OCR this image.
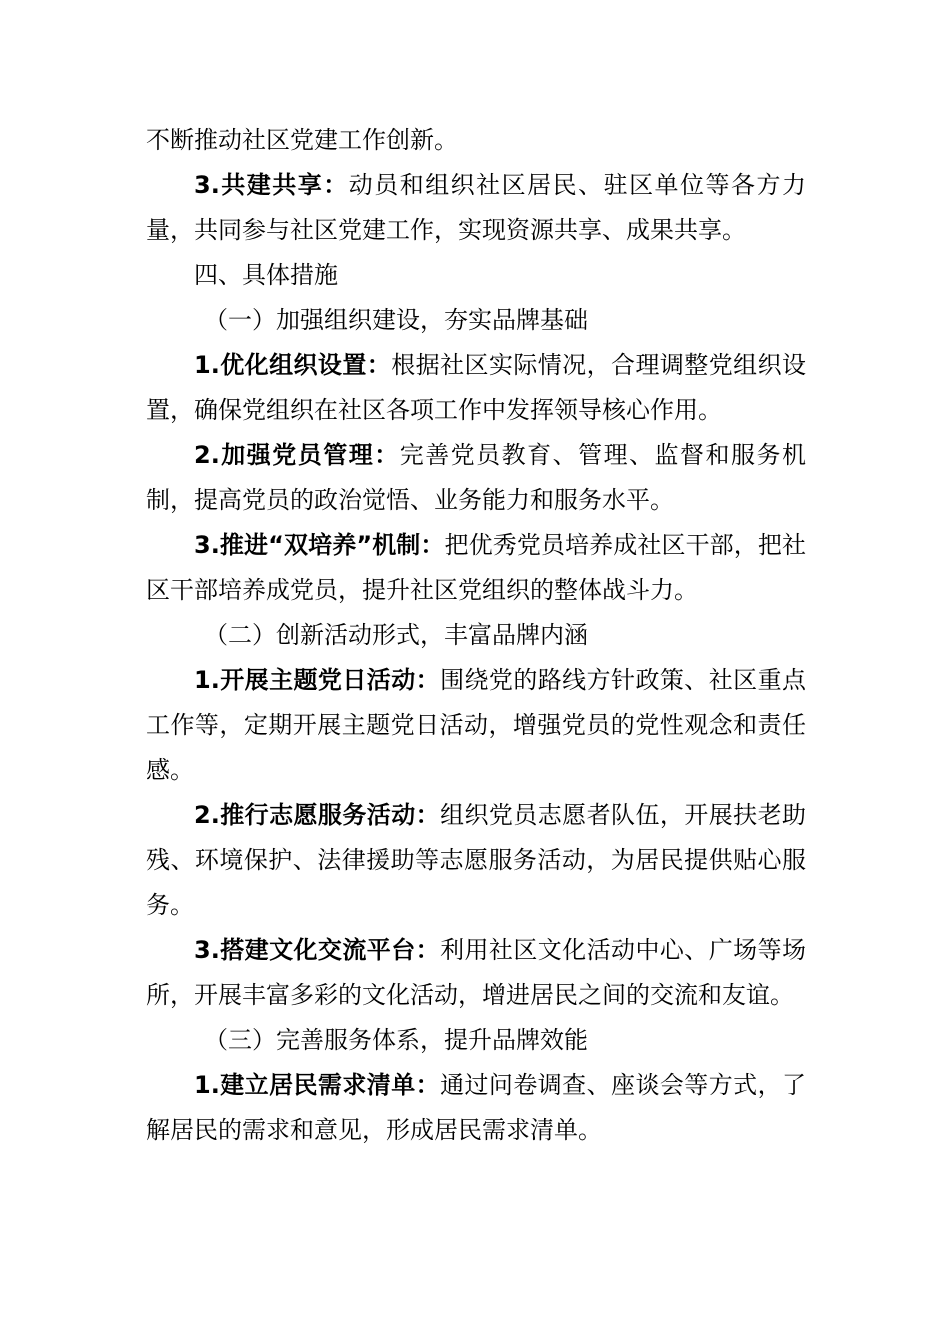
不断推动社区党建工作创新。

3.共建共享：动员和组织社区居民、驻区单位等各方力量，共同参与社区党建工作，实现资源共享、成果共享。

四、具体措施

（一）加强组织建设，夯实品牌基础

1.优化组织设置：根据社区实际情况，合理调整党组织设置，确保党组织在社区各项工作中发挥领导核心作用。

2.加强党员管理：完善党员教育、管理、监督和服务机制，提高党员的政治觉悟、业务能力和服务水平。

3.推进“双培养”机制：把优秀党员培养成社区干部，把社区干部培养成党员，提升社区党组织的整体战斗力。

（二）创新活动形式，丰富品牌内涵

1.开展主题党日活动：围绕党的路线方针政策、社区重点工作等，定期开展主题党日活动，增强党员的党性观念和责任感。

2.推行志愿服务活动：组织党员志愿者队伍，开展扶老助残、环境保护、法律援助等志愿服务活动，为居民提供贴心服务。

3.搭建文化交流平台：利用社区文化活动中心、广场等场所，开展丰富多彩的文化活动，增进居民之间的交流和友谊。

（三）完善服务体系，提升品牌效能

1.建立居民需求清单：通过问卷调查、座谈会等方式，了解居民的需求和意见，形成居民需求清单。
